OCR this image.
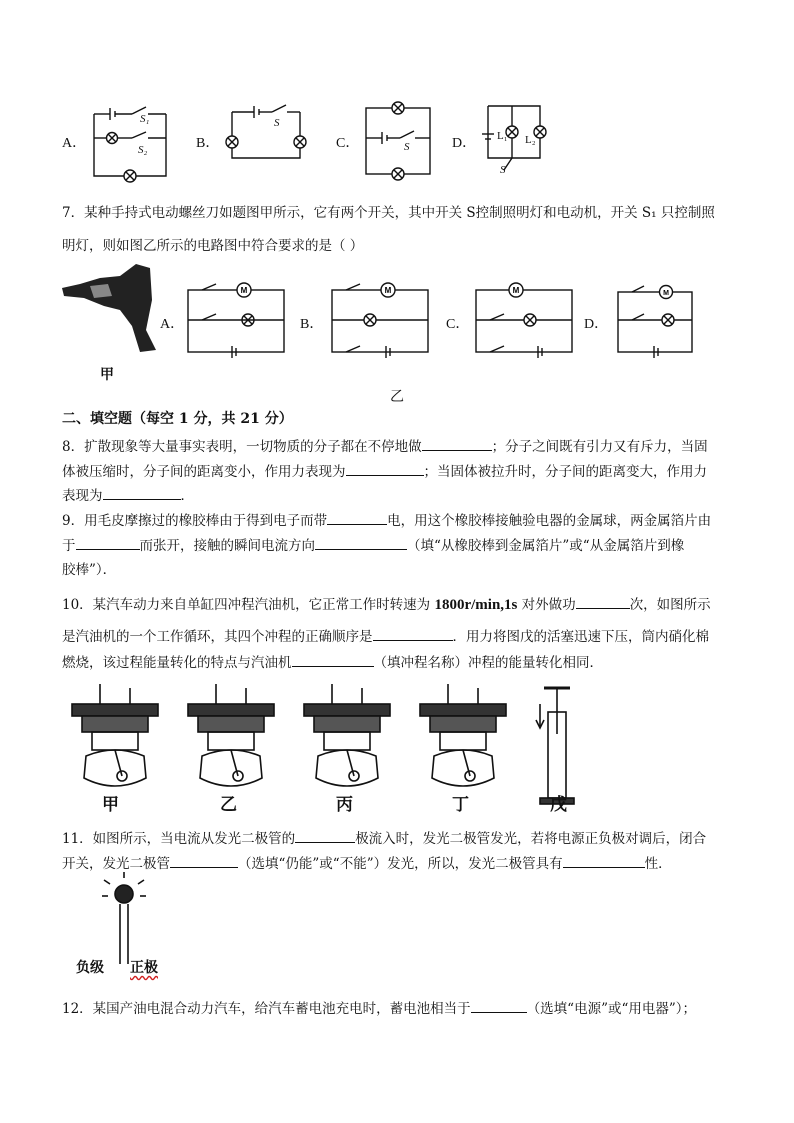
A．
S₁
S₂	B．
S
C．	S	D． L₁ L₂
S
7．某种手持式电动螺丝刀如题图甲所示，它有两个开关，其中开关 S控制照明灯和电动机，开关 S₁ 只控制照
明灯，则如图乙所示的电路图中符合要求的是（ ）
甲
A．
M
B．
M
C．
M
D．
M
乙
二、填空题（每空 1 分，共 21 分）
8．扩散现象等大量事实表明，一切物质的分子都在不停地做	；分子之间既有引力又有斥力，当固
体被压缩时，分子间的距离变小，作用力表现为	；当固体被拉升时，分子间的距离变大，作用力
表现为	．
9．用毛皮摩擦过的橡胶棒由于得到电子而带	电，用这个橡胶棒接触验电器的金属球，两金属箔片由
于	而张开，接触的瞬间电流方向	（填“从橡胶棒到金属箔片”或“从金属箔片到橡
胶棒”）．
10．某汽车动力来自单缸四冲程汽油机，它正常工作时转速为 1800r/min,1s 对外做功	次，如图所示
是汽油机的一个工作循环，其四个冲程的正确顺序是	．用力将图戊的活塞迅速下压，筒内硝化棉
燃烧，该过程能量转化的特点与汽油机	（填冲程名称）冲程的能量转化相同．
甲	乙	丙	丁	戊
11．如图所示，当电流从发光二极管的	极流入时，发光二极管发光，若将电源正负极对调后，闭合
开关，发光二极管	（选填“仍能”或“不能”）发光，所以，发光二极管具有	性．
负级 正极
12．某国产油电混合动力汽车，给汽车蓄电池充电时，蓄电池相当于	（选填“电源”或“用电器”）；
